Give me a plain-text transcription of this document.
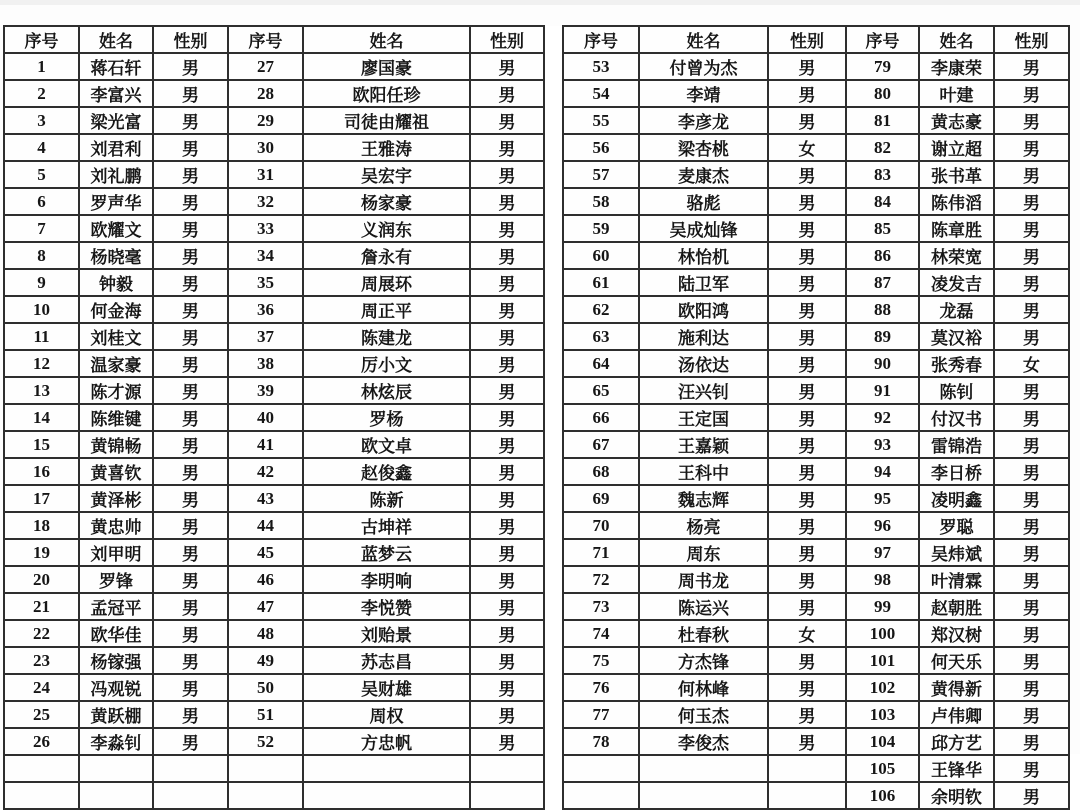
序号	姓名	性别	序号	姓名	性别		序号	姓名	性别	序号	姓名	性别
1	蒋石轩	男	27	廖国豪	男		53	付曾为杰	男	79	李康荣	男
2	李富兴	男	28	欧阳任珍	男		54	李靖	男	80	叶建	男
3	梁光富	男	29	司徒由耀祖	男		55	李彦龙	男	81	黄志豪	男
4	刘君利	男	30	王雅涛	男		56	梁杏桃	女	82	谢立超	男
5	刘礼鹏	男	31	吴宏宇	男		57	麦康杰	男	83	张书革	男
6	罗声华	男	32	杨家豪	男		58	骆彪	男	84	陈伟滔	男
7	欧耀文	男	33	义润东	男		59	吴成灿锋	男	85	陈章胜	男
8	杨晓毫	男	34	詹永有	男		60	林怡机	男	86	林荣宽	男
9	钟毅	男	35	周展环	男		61	陆卫军	男	87	凌发吉	男
10	何金海	男	36	周正平	男		62	欧阳鸿	男	88	龙磊	男
11	刘桂文	男	37	陈建龙	男		63	施利达	男	89	莫汉裕	男
12	温家豪	男	38	厉小文	男		64	汤依达	男	90	张秀春	女
13	陈才源	男	39	林炫辰	男		65	汪兴钊	男	91	陈钊	男
14	陈维键	男	40	罗杨	男		66	王定国	男	92	付汉书	男
15	黄锦畅	男	41	欧文卓	男		67	王嘉颖	男	93	雷锦浩	男
16	黄喜钦	男	42	赵俊鑫	男		68	王科中	男	94	李日桥	男
17	黄泽彬	男	43	陈新	男		69	魏志辉	男	95	凌明鑫	男
18	黄忠帅	男	44	古坤祥	男		70	杨亮	男	96	罗聪	男
19	刘甲明	男	45	蓝梦云	男		71	周东	男	97	吴炜斌	男
20	罗锋	男	46	李明响	男		72	周书龙	男	98	叶清霖	男
21	孟冠平	男	47	李悦赞	男		73	陈运兴	男	99	赵朝胜	男
22	欧华佳	男	48	刘贻景	男		74	杜春秋	女	100	郑汉树	男
23	杨镓强	男	49	苏志昌	男		75	方杰锋	男	101	何天乐	男
24	冯观锐	男	50	吴财雄	男		76	何林峰	男	102	黄得新	男
25	黄跃棚	男	51	周权	男		77	何玉杰	男	103	卢伟卿	男
26	李淼钊	男	52	方忠帆	男		78	李俊杰	男	104	邱方艺	男
										105	王锋华	男
										106	余明钦	男
